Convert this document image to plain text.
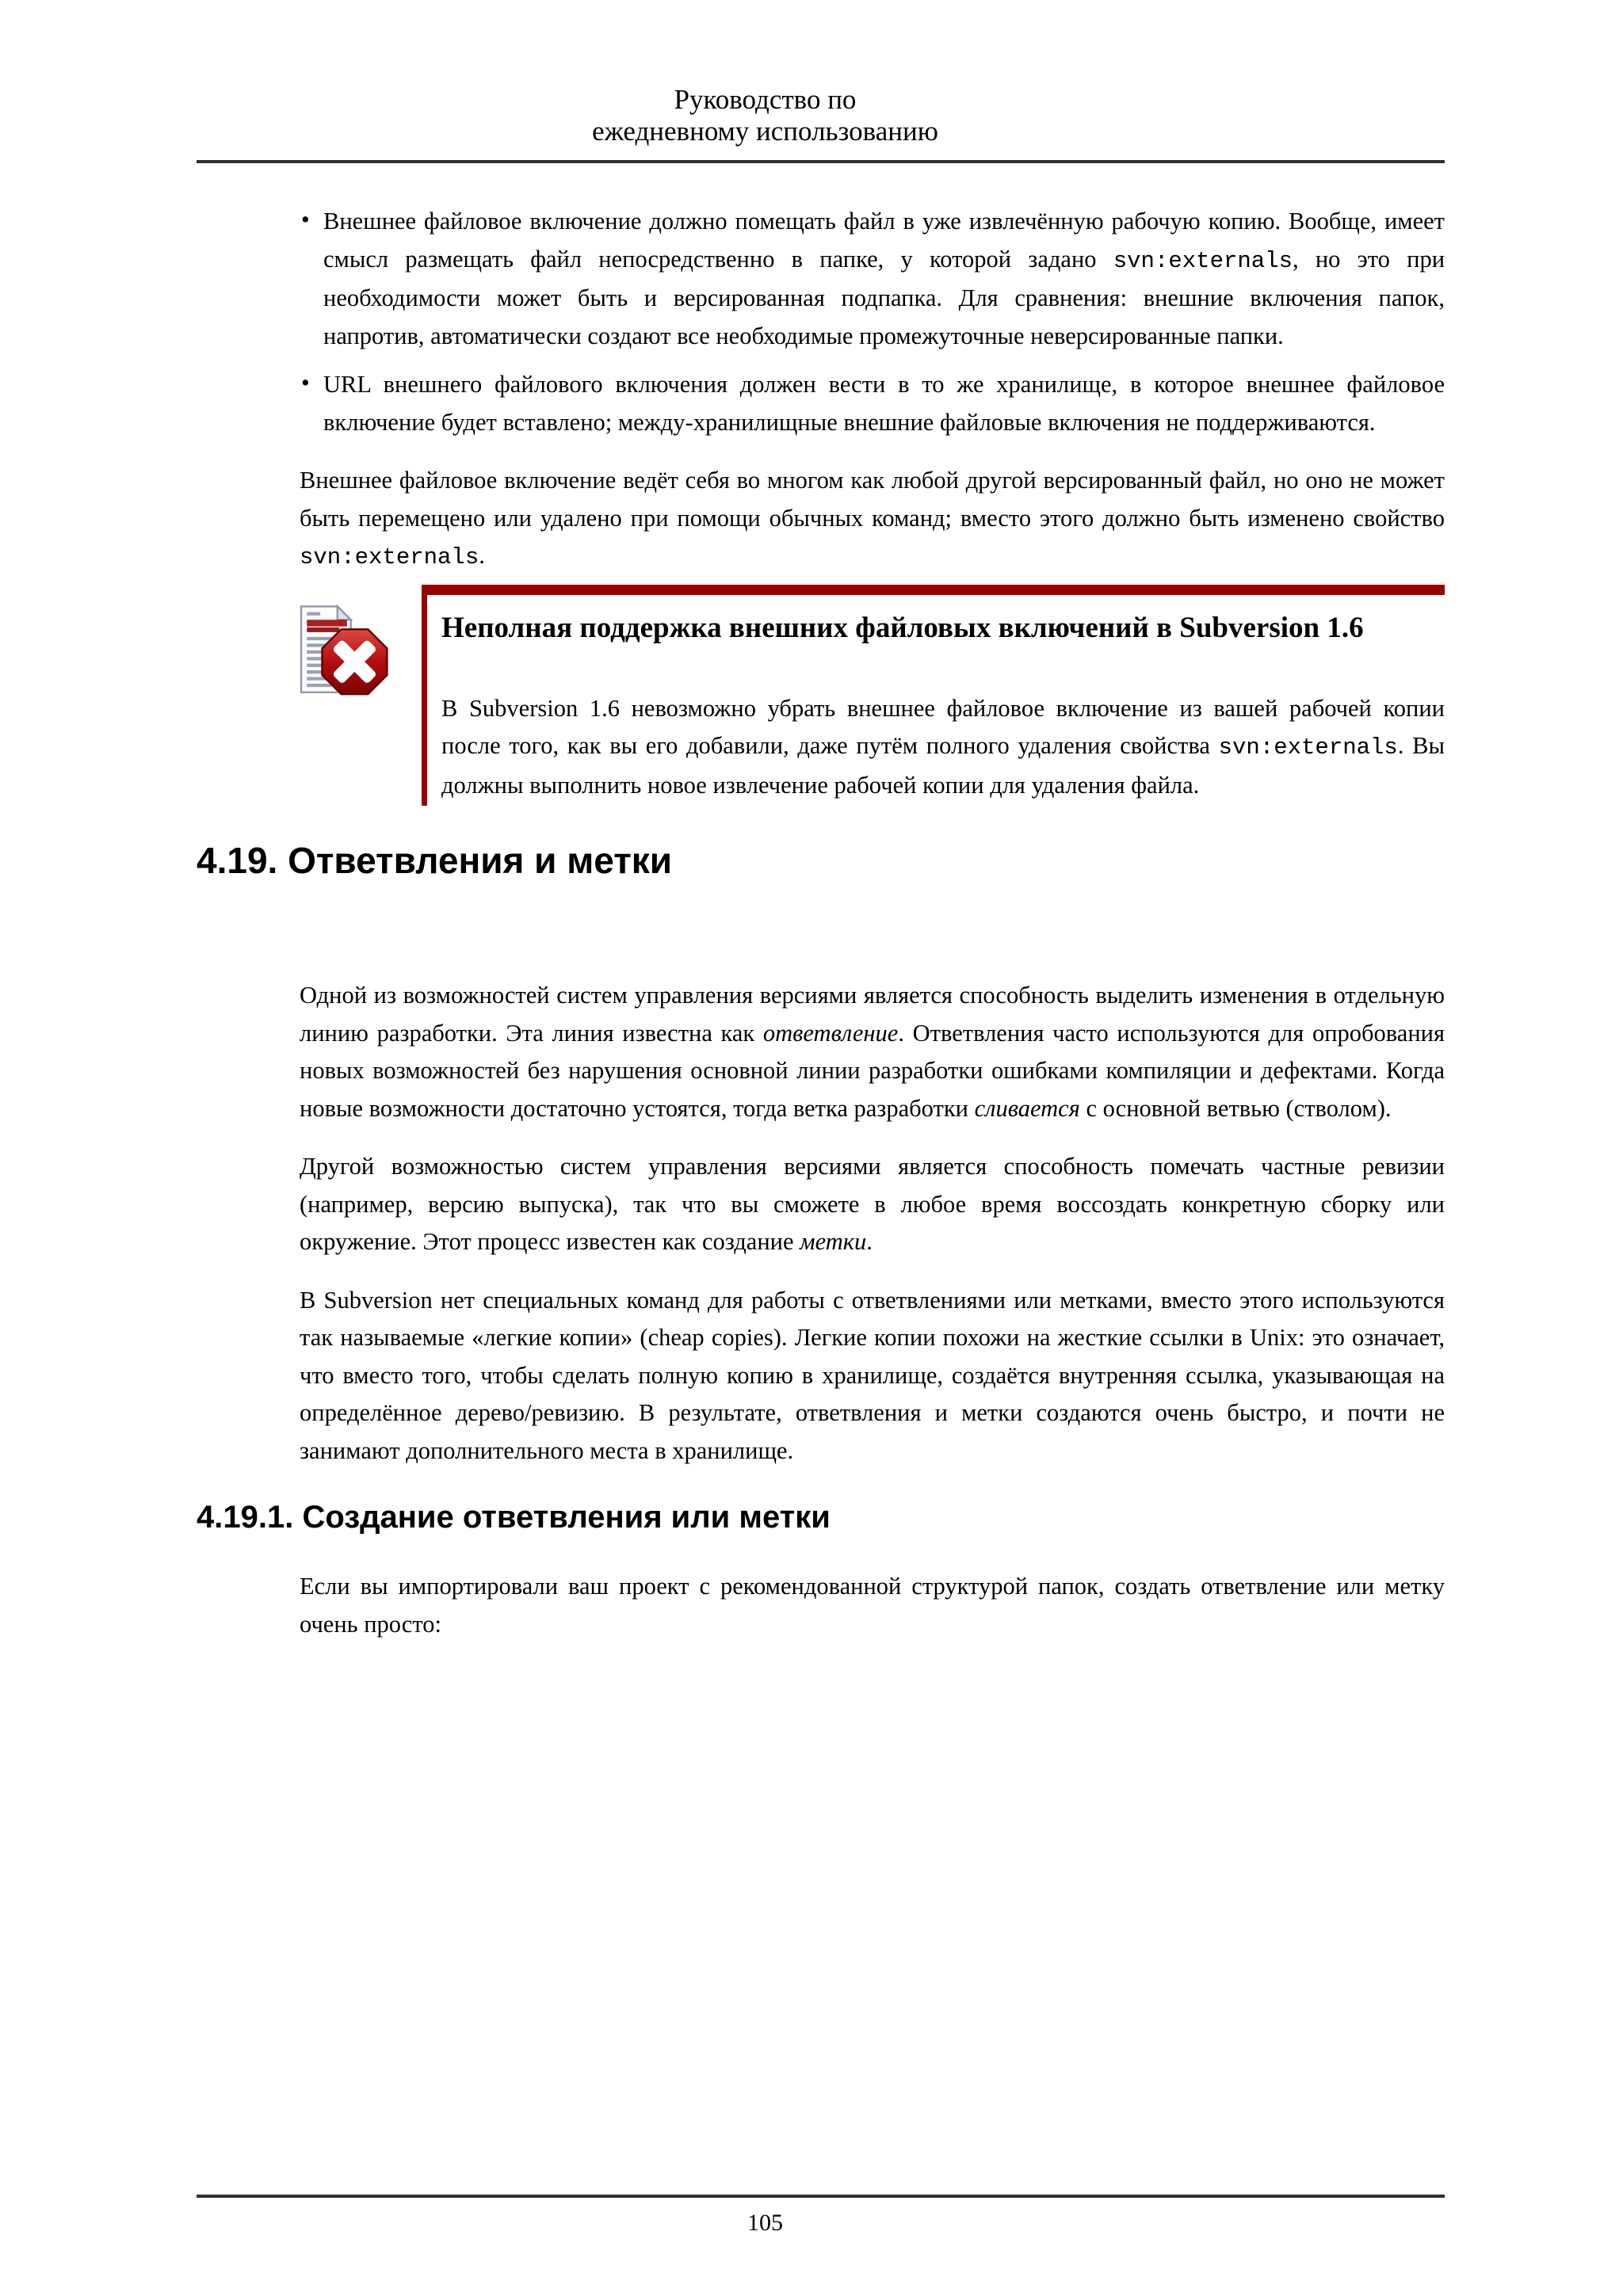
Руководство по
ежедневному использованию
• Внешнее файловое включение должно помещать файл в уже извлечённую рабочую копию. Вообще, имеет смысл размещать файл непосредственно в папке, у которой задано svn:externals, но это при необходимости может быть и версированная подпапка. Для сравнения: внешние включения папок, напротив, автоматически создают все необходимые промежуточные неверсированные папки.
• URL внешнего файлового включения должен вести в то же хранилище, в которое внешнее файловое включение будет вставлено; между-хранилищные внешние файловые включения не поддерживаются.

Внешнее файловое включение ведёт себя во многом как любой другой версированный файл, но оно не может быть перемещено или удалено при помощи обычных команд; вместо этого должно быть изменено свойство svn:externals.

Неполная поддержка внешних файловых включений в Subversion 1.6

В Subversion 1.6 невозможно убрать внешнее файловое включение из вашей рабочей копии после того, как вы его добавили, даже путём полного удаления свойства svn:externals. Вы должны выполнить новое извлечение рабочей копии для удаления файла.

4.19. Ответвления и метки

Одной из возможностей систем управления версиями является способность выделить изменения в отдельную линию разработки. Эта линия известна как ответвление. Ответвления часто используются для опробования новых возможностей без нарушения основной линии разработки ошибками компиляции и дефектами. Когда новые возможности достаточно устоятся, тогда ветка разработки сливается с основной ветвью (стволом).

Другой возможностью систем управления версиями является способность помечать частные ревизии (например, версию выпуска), так что вы сможете в любое время воссоздать конкретную сборку или окружение. Этот процесс известен как создание метки.

В Subversion нет специальных команд для работы с ответвлениями или метками, вместо этого используются так называемые «легкие копии» (cheap copies). Легкие копии похожи на жесткие ссылки в Unix: это означает, что вместо того, чтобы сделать полную копию в хранилище, создаётся внутренняя ссылка, указывающая на определённое дерево/ревизию. В результате, ответвления и метки создаются очень быстро, и почти не занимают дополнительного места в хранилище.

4.19.1. Создание ответвления или метки

Если вы импортировали ваш проект с рекомендованной структурой папок, создать ответвление или метку очень просто:

105
